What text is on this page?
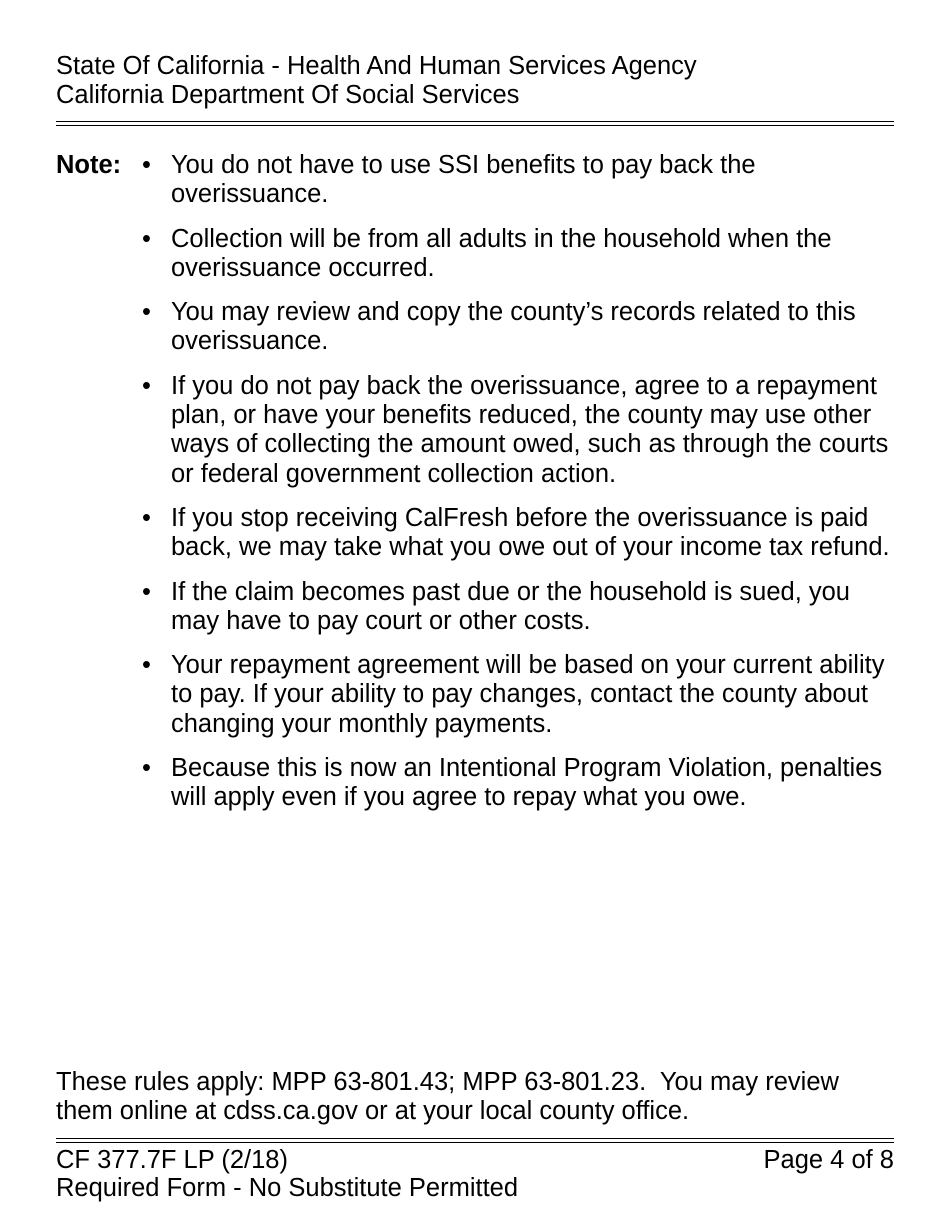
State Of California - Health And Human Services Agency
California Department Of Social Services
Note: • You do not have to use SSI benefits to pay back the overissuance.
• Collection will be from all adults in the household when the overissuance occurred.
• You may review and copy the county’s records related to this overissuance.
• If you do not pay back the overissuance, agree to a repayment plan, or have your benefits reduced, the county may use other ways of collecting the amount owed, such as through the courts or federal government collection action.
• If you stop receiving CalFresh before the overissuance is paid back, we may take what you owe out of your income tax refund.
• If the claim becomes past due or the household is sued, you may have to pay court or other costs.
• Your repayment agreement will be based on your current ability to pay. If your ability to pay changes, contact the county about changing your monthly payments.
• Because this is now an Intentional Program Violation, penalties will apply even if you agree to repay what you owe.
These rules apply: MPP 63-801.43; MPP 63-801.23.  You may review them online at cdss.ca.gov or at your local county office.
CF 377.7F LP (2/18)
Required Form - No Substitute Permitted
Page 4 of 8
